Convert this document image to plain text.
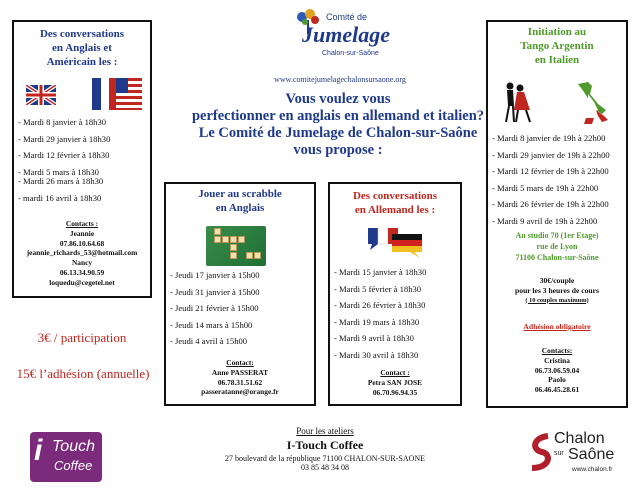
Comité de
Jumelage
Chalon-sur-Saône
www.comitejumelagechalonsursaone.org
Vous voulez vous
perfectionner en anglais en allemand et italien?
Le Comité de Jumelage de Chalon-sur-Saône
vous propose :
Des conversations
en Anglais et
Américain les :
- Mardi 8 janvier à 18h30
- Mardi 29 janvier à 18h30
- Mardi 12 février à 18h30
- Mardi 5 mars à 18h30
- Mardi 26 mars à 18h30
- mardi 16 avril à 18h30
Contacts :
Jeannie
07.86.10.64.68
jeannie_richards_53@hotmail.com
Nancy
06.13.34.90.59
loquedu@cegetel.net
3€ / participation
15€ l’adhésion (annuelle)
Jouer au scrabble
en Anglais
- Jeudi 17 janvier à 15h00
- Jeudi 31 janvier à 15h00
- Jeudi 21 février à 15h00
- Jeudi 14 mars à 15h00
- Jeudi 4 avril à 15h00
Contact:
Anne PASSERAT
06.78.31.51.62
passeratanne@orange.fr
Des conversations
en Allemand les :
- Mardi 15 janvier à 18h30
- Mardi 5 février à 18h30
- Mardi 26 février à 18h30
- Mardi 19 mars à 18h30
- Mardi 9 avril à 18h30
- Mardi 30 avril à 18h30
Contact :
Petra SAN JOSE
06.70.96.94.35
Initiation au
Tango Argentin
en Italien
- Mardi 8 janvier de 19h à 22h00
- Mardi 29 janvier de 19h à 22h00
- Mardi 12 février de 19h à 22h00
- Mardi 5 mars de 19h à 22h00
- Mardi 26 février de 19h à 22h00
- Mardi 9 avril de 19h à 22h00
Au studio 70 (1er Etage)
rue de Lyon
71100 Chalon-sur-Saône
30€/couple
pour les 3 heures de cours
( 10 couples maximum)
Adhésion obligatoire
Contacts:
Cristina
06.73.06.59.04
Paolo
06.46.45.28.61
i Touch
Coffee
Pour les ateliers
I-Touch Coffee
27 boulevard de la république 71100 CHALON-SUR-SAONE
03 85 48 34 08
Chalon
sur Saône
www.chalon.fr
